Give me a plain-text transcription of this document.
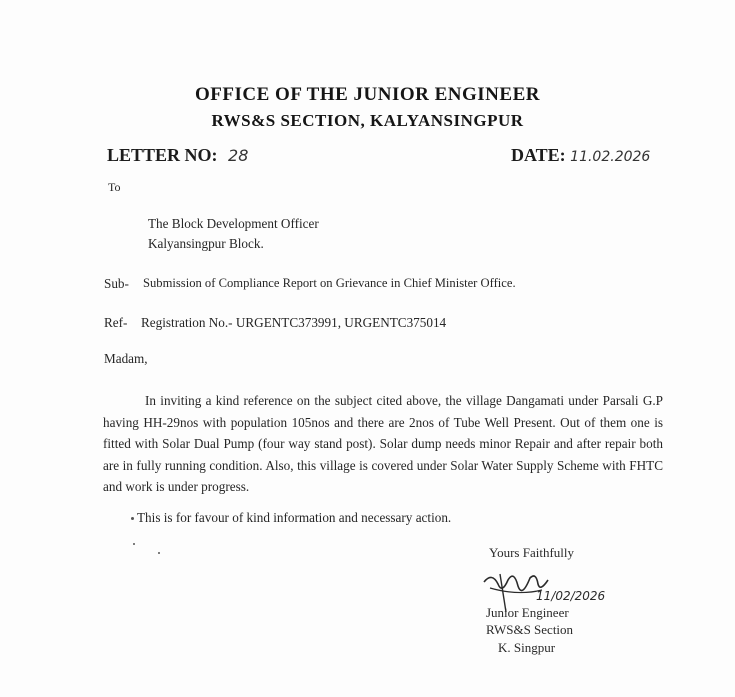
OFFICE OF THE JUNIOR ENGINEER
RWS&S SECTION, KALYANSINGPUR
LETTER NO: 28	DATE: 11.02.2026
To
The Block Development Officer
Kalyansingpur Block.
Sub- Submission of Compliance Report on Grievance in Chief Minister Office.
Ref- Registration No.- URGENTC373991, URGENTC375014
Madam,
In inviting a kind reference on the subject cited above, the village Dangamati under Parsali G.P having HH-29nos with population 105nos and there are 2nos of Tube Well Present. Out of them one is fitted with Solar Dual Pump (four way stand post). Solar dump needs minor Repair and after repair both are in fully running condition. Also, this village is covered under Solar Water Supply Scheme with FHTC and work is under progress.
This is for favour of kind information and necessary action.
Yours Faithfully
11/02/2026
Junior Engineer
RWS&S Section
K. Singpur
